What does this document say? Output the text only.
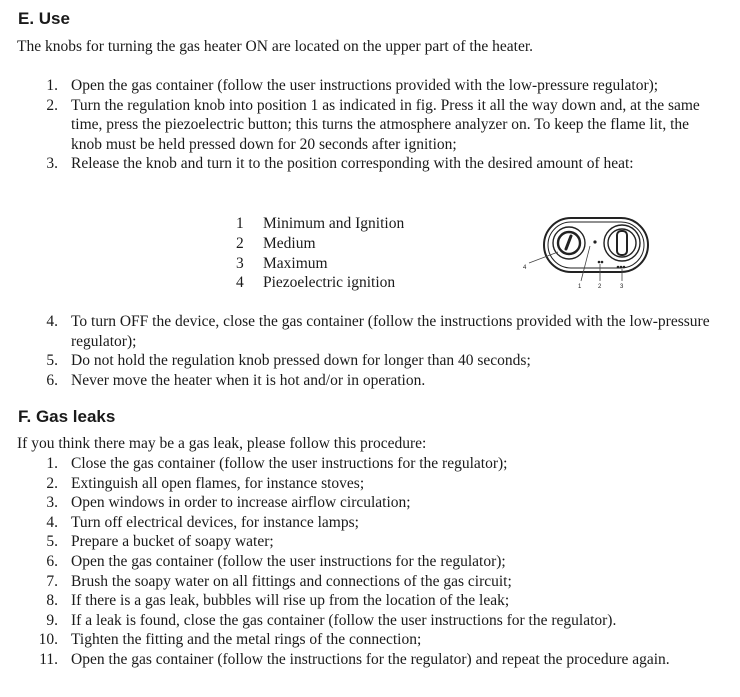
E. Use

The knobs for turning the gas heater ON are located on the upper part of the heater.

1. Open the gas container (follow the user instructions provided with the low-pressure regulator);
2. Turn the regulation knob into position 1 as indicated in fig. Press it all the way down and, at the same time, press the piezoelectric button; this turns the atmosphere analyzer on. To keep the flame lit, the knob must be held pressed down for 20 seconds after ignition;
3. Release the knob and turn it to the position corresponding with the desired amount of heat:
1 Minimum and Ignition
2 Medium
3 Maximum
4 Piezoelectric ignition
4
1	2	3
4. To turn OFF the device, close the gas container (follow the instructions provided with the low-pressure regulator);
5. Do not hold the regulation knob pressed down for longer than 40 seconds;
6. Never move the heater when it is hot and/or in operation.
F. Gas leaks

If you think there may be a gas leak, please follow this procedure:

1. Close the gas container (follow the user instructions for the regulator);
2. Extinguish all open flames, for instance stoves;
3. Open windows in order to increase airflow circulation;
4. Turn off electrical devices, for instance lamps;
5. Prepare a bucket of soapy water;
6. Open the gas container (follow the user instructions for the regulator);
7. Brush the soapy water on all fittings and connections of the gas circuit;
8. If there is a gas leak, bubbles will rise up from the location of the leak;
9. If a leak is found, close the gas container (follow the user instructions for the regulator).
10. Tighten the fitting and the metal rings of the connection;
11. Open the gas container (follow the instructions for the regulator) and repeat the procedure again.
